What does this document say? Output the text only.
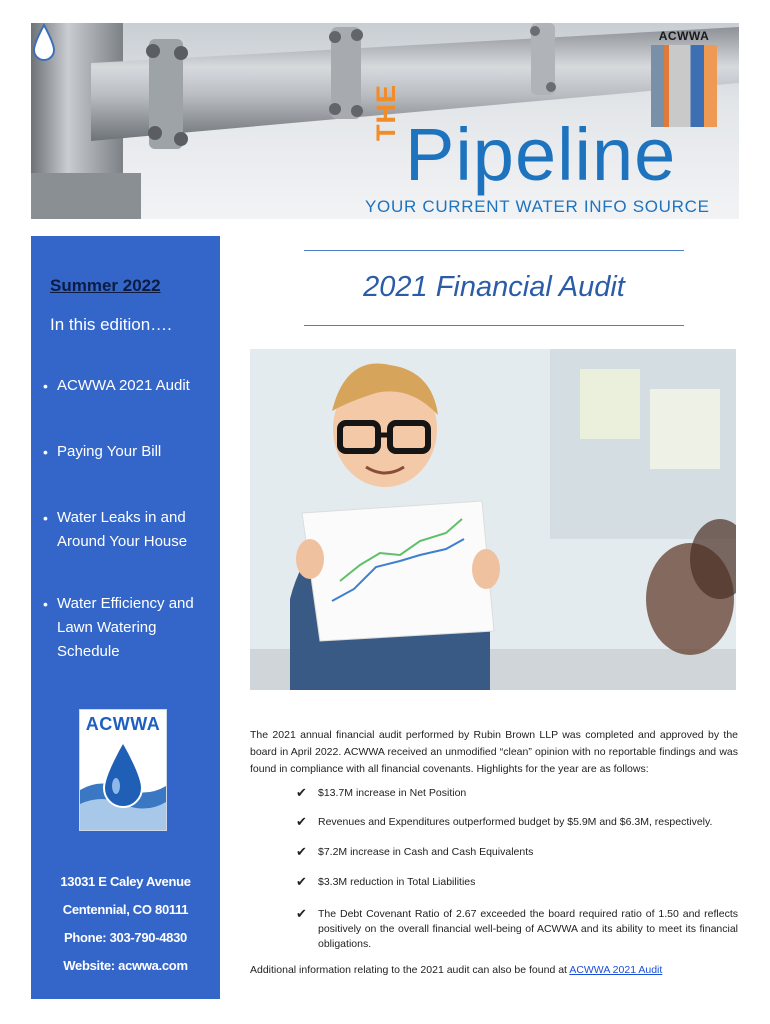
ACWWA
THE
Pipeline
YOUR CURRENT WATER INFO SOURCE
Summer 2022
In this edition….
• ACWWA 2021 Audit
• Paying Your Bill
• Water Leaks in and Around Your House
• Water Efficiency and Lawn Watering Schedule
ACWWA
13031 E Caley Avenue
Centennial, CO 80111
Phone: 303-790-4830
Website: acwwa.com
2021 Financial Audit
The 2021 annual financial audit performed by Rubin Brown LLP was completed and approved by the board in April 2022. ACWWA received an unmodified “clean” opinion with no reportable findings and was found in compliance with all financial covenants. Highlights for the year are as follows:
✔ $13.7M increase in Net Position
✔ Revenues and Expenditures outperformed budget by $5.9M and $6.3M, respectively.
✔ $7.2M increase in Cash and Cash Equivalents
✔ $3.3M reduction in Total Liabilities
✔ The Debt Covenant Ratio of 2.67 exceeded the board required ratio of 1.50 and reflects positively on the overall financial well-being of ACWWA and its ability to meet its financial obligations.
Additional information relating to the 2021 audit can also be found at ACWWA 2021 Audit
